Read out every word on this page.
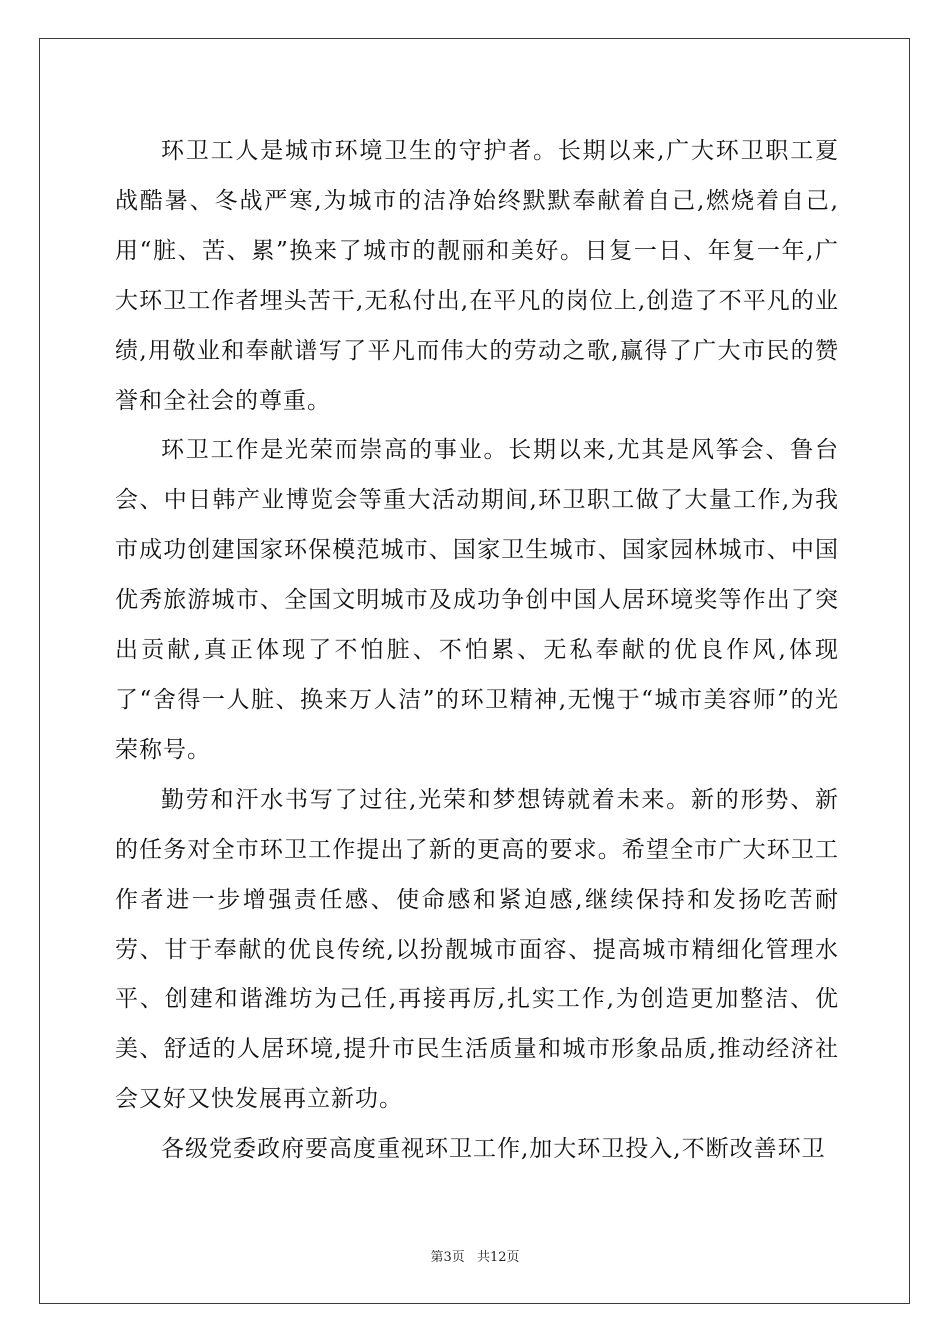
环卫工人是城市环境卫生的守护者。长期以来,广大环卫职工夏战酷暑、冬战严寒,为城市的洁净始终默默奉献着自己,燃烧着自己,用“脏、苦、累”换来了城市的靓丽和美好。日复一日、年复一年,广大环卫工作者埋头苦干,无私付出,在平凡的岗位上,创造了不平凡的业绩,用敬业和奉献谱写了平凡而伟大的劳动之歌,赢得了广大市民的赞誉和全社会的尊重。

环卫工作是光荣而崇高的事业。长期以来,尤其是风筝会、鲁台会、中日韩产业博览会等重大活动期间,环卫职工做了大量工作,为我市成功创建国家环保模范城市、国家卫生城市、国家园林城市、中国优秀旅游城市、全国文明城市及成功争创中国人居环境奖等作出了突出贡献,真正体现了不怕脏、不怕累、无私奉献的优良作风,体现了“舍得一人脏、换来万人洁”的环卫精神,无愧于“城市美容师”的光荣称号。

勤劳和汗水书写了过往,光荣和梦想铸就着未来。新的形势、新的任务对全市环卫工作提出了新的更高的要求。希望全市广大环卫工作者进一步增强责任感、使命感和紧迫感,继续保持和发扬吃苦耐劳、甘于奉献的优良传统,以扮靓城市面容、提高城市精细化管理水平、创建和谐潍坊为己任,再接再厉,扎实工作,为创造更加整洁、优美、舒适的人居环境,提升市民生活质量和城市形象品质,推动经济社会又好又快发展再立新功。

各级党委政府要高度重视环卫工作,加大环卫投入,不断改善环卫

第3页 共12页
